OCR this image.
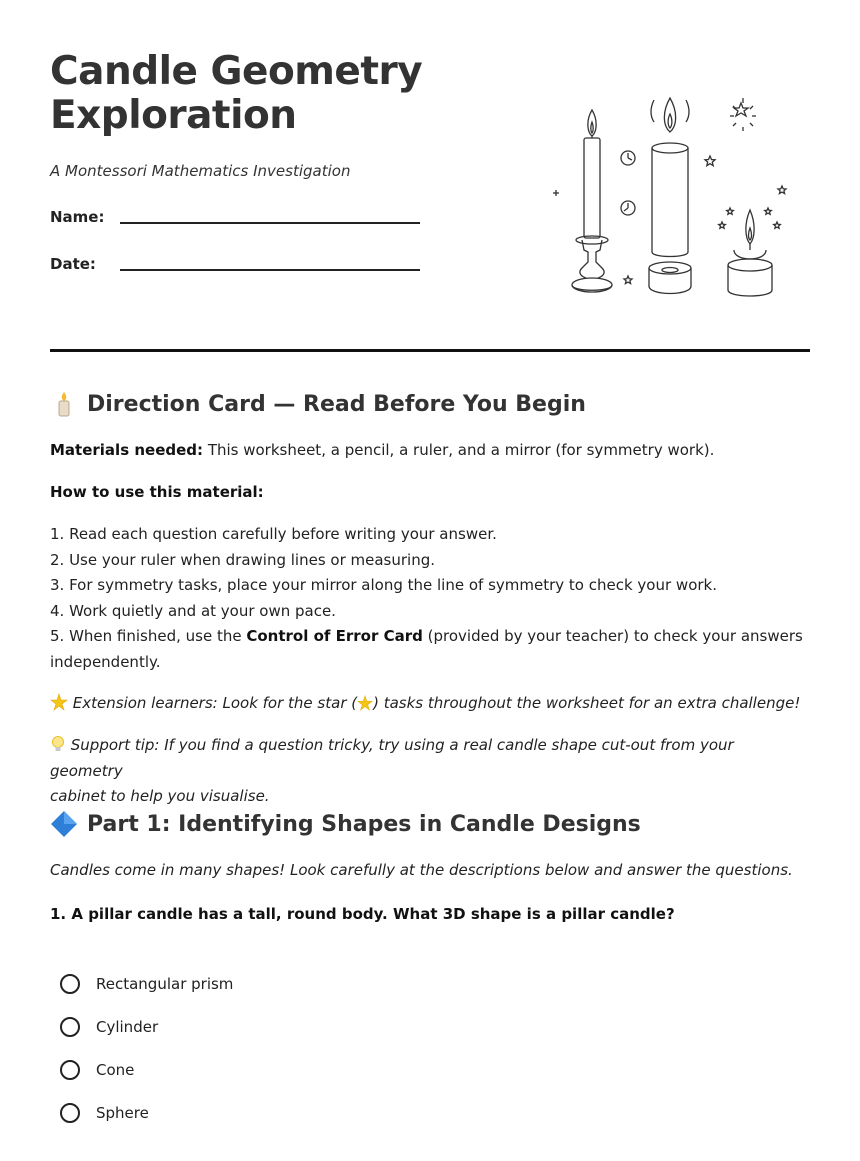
Candle Geometry Exploration
A Montessori Mathematics Investigation
Name:
Date:
Direction Card — Read Before You Begin
Materials needed: This worksheet, a pencil, a ruler, and a mirror (for symmetry work).
How to use this material:
1. Read each question carefully before writing your answer.
2. Use your ruler when drawing lines or measuring.
3. For symmetry tasks, place your mirror along the line of symmetry to check your work.
4. Work quietly and at your own pace.
5. When finished, use the Control of Error Card (provided by your teacher) to check your answers
independently.
Extension learners: Look for the star ( ) tasks throughout the worksheet for an extra challenge!
Support tip: If you find a question tricky, try using a real candle shape cut-out from your geometry
cabinet to help you visualise.
Part 1: Identifying Shapes in Candle Designs
Candles come in many shapes! Look carefully at the descriptions below and answer the questions.
1. A pillar candle has a tall, round body. What 3D shape is a pillar candle?
Rectangular prism
Cylinder
Cone
Sphere
